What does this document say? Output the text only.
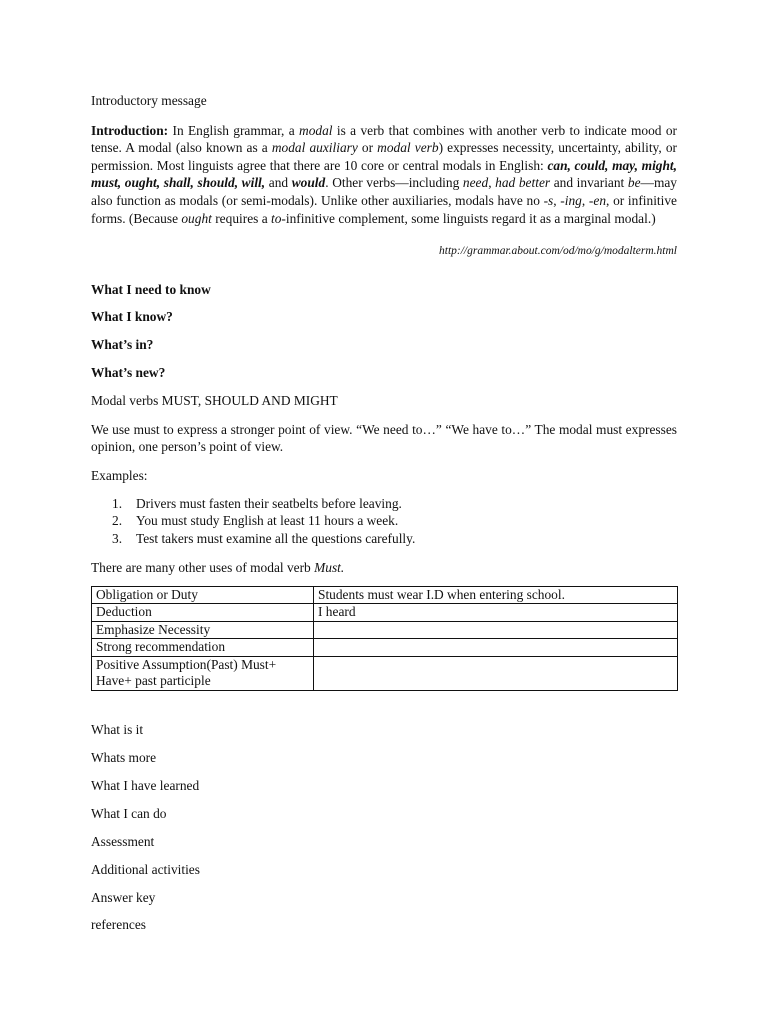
Introductory message

Introduction: In English grammar, a modal is a verb that combines with another verb to indicate mood or tense. A modal (also known as a modal auxiliary or modal verb) expresses necessity, uncertainty, ability, or permission. Most linguists agree that there are 10 core or central modals in English: can, could, may, might, must, ought, shall, should, will, and would. Other verbs—including need, had better and invariant be—may also function as modals (or semi-modals). Unlike other auxiliaries, modals have no -s, -ing, -en, or infinitive forms. (Because ought requires a to-infinitive complement, some linguists regard it as a marginal modal.)

http://grammar.about.com/od/mo/g/modalterm.html

What I need to know

What I know?

What’s in?

What’s new?

Modal verbs MUST, SHOULD AND MIGHT

We use must to express a stronger point of view. “We need to…” “We have to…” The modal must expresses opinion, one person’s point of view.

Examples:

1. Drivers must fasten their seatbelts before leaving.
2. You must study English at least 11 hours a week.
3. Test takers must examine all the questions carefully.

There are many other uses of modal verb Must.

Obligation or Duty	Students must wear I.D when entering school.
Deduction	I heard
Emphasize Necessity	
Strong recommendation	
Positive Assumption(Past) Must+ Have+ past participle	

What is it

Whats more

What I have learned

What I can do

Assessment

Additional activities

Answer key

references
